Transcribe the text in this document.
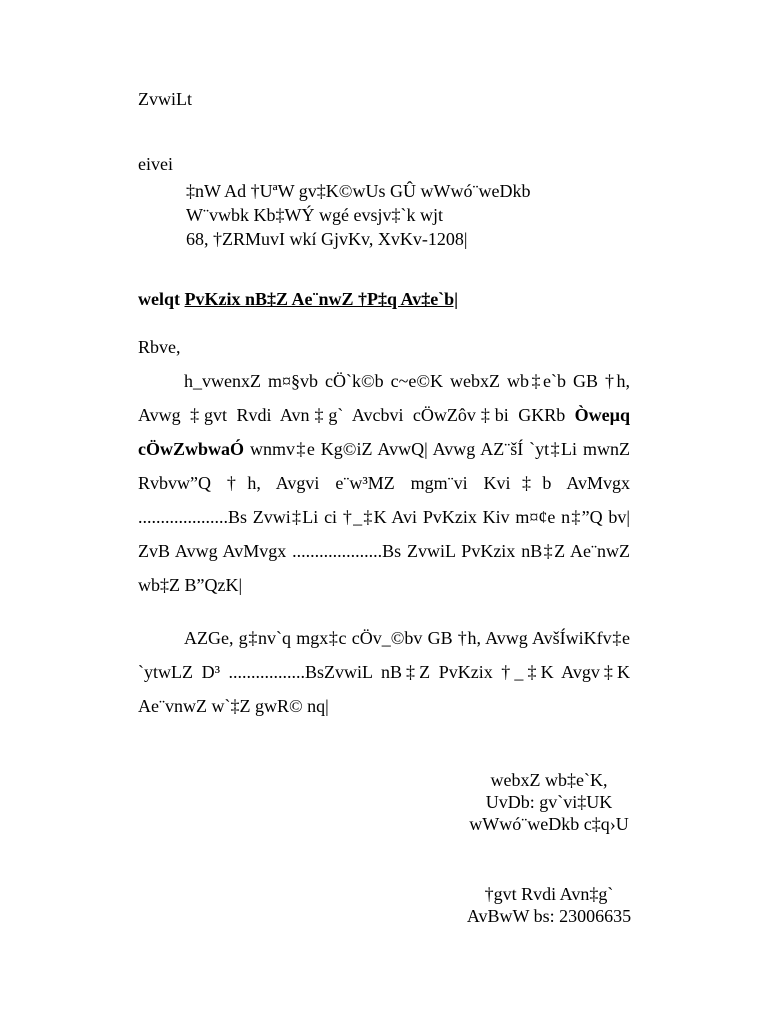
ZvwiLt
eivei
‡nW Ad †UªW gv‡K©wUs GÛ wWwó¨weDkb
W¨vwbk Kb‡WÝ wgé evsjv‡`k wjt
68, †ZRMuvI wkí GjvKv, XvKv-1208|
welqt PvKzix nB‡Z Ae¨nwZ †P‡q Av‡e`b|
Rbve,
h_vwenxZ m¤§vb cÖ`k©b c~e©K webxZ wb‡e`b GB †h, Avwg ‡gvt Rvdi Avn‡g` Avcbvi cÖwZôv‡bi GKRb Òweµq cÖwZwbwaÓ wnmv‡e Kg©iZ AvwQ| Avwg AZ¨šÍ `yt‡Li mwnZ Rvbvw”Q †h, Avgvi e¨w³MZ mgm¨vi Kvi‡b AvMvgx ....................Bs Zvwi‡Li ci †_‡K Avi PvKzix Kiv m¤¢e n‡”Q bv| ZvB Avwg AvMvgx ....................Bs ZvwiL PvKzix nB‡Z Ae¨nwZ wb‡Z B”QzK|
AZGe, g‡nv`q mgx‡c cÖv_©bv GB †h, Avwg AvšÍwiKfv‡e `ytwLZ D³ .................BsZvwiL nB‡Z PvKzix †_‡K Avgv‡K Ae¨vnwZ w`‡Z gwR© nq|
webxZ wb‡e`K,
UvDb: gv`vi‡UK
wWwó¨weDkb c‡q›U
†gvt Rvdi Avn‡g`
AvBwW bs: 23006635
